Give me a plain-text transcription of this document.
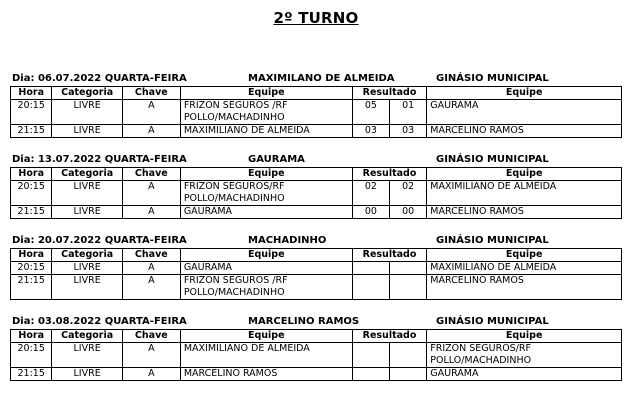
2º TURNO
Dia: 06.07.2022 QUARTA-FEIRA	MAXIMILANO DE ALMEIDA	GINÁSIO MUNICIPAL
Hora	Categoria	Chave	Equipe	Resultado		Equipe
20:15	LIVRE	A	FRIZON SEGUROS /RF
POLLO/MACHADINHO	05	01	GAURAMA
21:15	LIVRE	A	MAXIMILIANO DE ALMEIDA	03	03	MARCELINO RAMOS
Dia: 13.07.2022 QUARTA-FEIRA	GAURAMA	GINÁSIO MUNICIPAL
Hora	Categoria	Chave	Equipe	Resultado		Equipe
20:15	LIVRE	A	FRIZON SEGUROS/RF
POLLO/MACHADINHO	02	02	MAXIMILIANO DE ALMEIDA
21:15	LIVRE	A	GAURAMA	00	00	MARCELINO RAMOS
Dia: 20.07.2022 QUARTA-FEIRA	MACHADINHO	GINÁSIO MUNICIPAL
Hora	Categoria	Chave	Equipe	Resultado		Equipe
20:15	LIVRE	A	GAURAMA			MAXIMILIANO DE ALMEIDA
21:15	LIVRE	A	FRIZON SEGUROS /RF
POLLO/MACHADINHO			MARCELINO RAMOS
Dia: 03.08.2022 QUARTA-FEIRA	MARCELINO RAMOS	GINÁSIO MUNICIPAL
Hora	Categoria	Chave	Equipe	Resultado		Equipe
20:15	LIVRE	A	MAXIMILIANO DE ALMEIDA			FRIZON SEGUROS/RF
POLLO/MACHADINHO

21:15	LIVRE	A	MARCELINO RAMOS			GAURAMA
